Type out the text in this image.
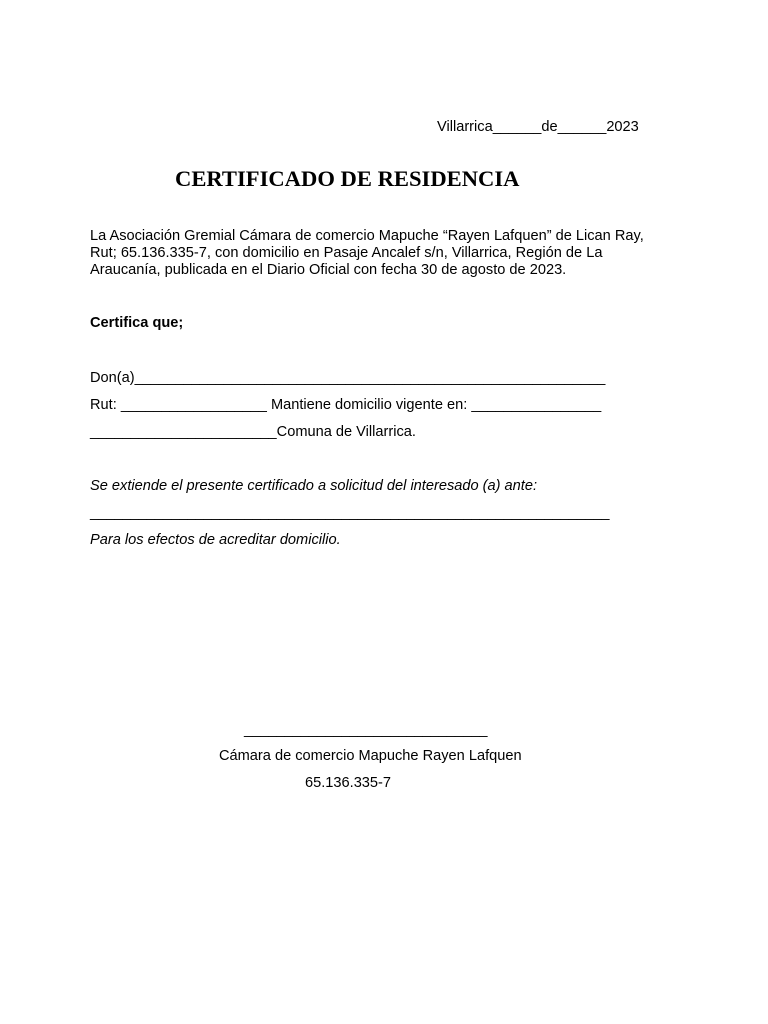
Villarrica______de______2023
CERTIFICADO DE RESIDENCIA
La Asociación Gremial Cámara de comercio Mapuche “Rayen Lafquen” de Lican Ray,
Rut; 65.136.335-7, con domicilio en Pasaje Ancalef s/n, Villarrica, Región de La
Araucanía, publicada en el Diario Oficial con fecha 30 de agosto de 2023.
Certifica que;
Don(a)__________________________________________________________
Rut: __________________ Mantiene domicilio vigente en: ________________
_______________________Comuna de Villarrica.
Se extiende el presente certificado a solicitud del interesado (a) ante:
________________________________________________________________
Para los efectos de acreditar domicilio.
______________________________
Cámara de comercio Mapuche Rayen Lafquen
65.136.335-7
